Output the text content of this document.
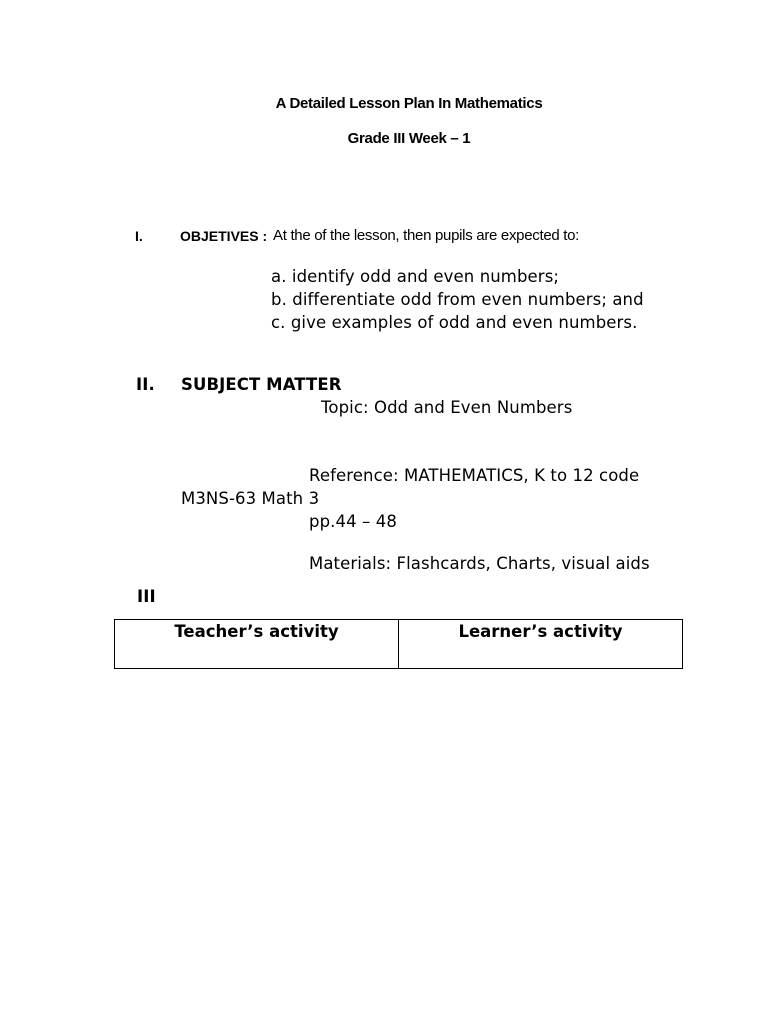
A Detailed Lesson Plan In Mathematics
Grade III Week – 1
I.	OBJETIVES : At the of the lesson, then pupils are expected to:
a. identify odd and even numbers;
b. differentiate odd from even numbers; and
c. give examples of odd and even numbers.
II. SUBJECT MATTER
Topic: Odd and Even Numbers
Reference: MATHEMATICS, K to 12 code
M3NS-63 Math 3
pp.44 – 48
Materials: Flashcards, Charts, visual aids
III
Teacher’s activity	Learner’s activity
